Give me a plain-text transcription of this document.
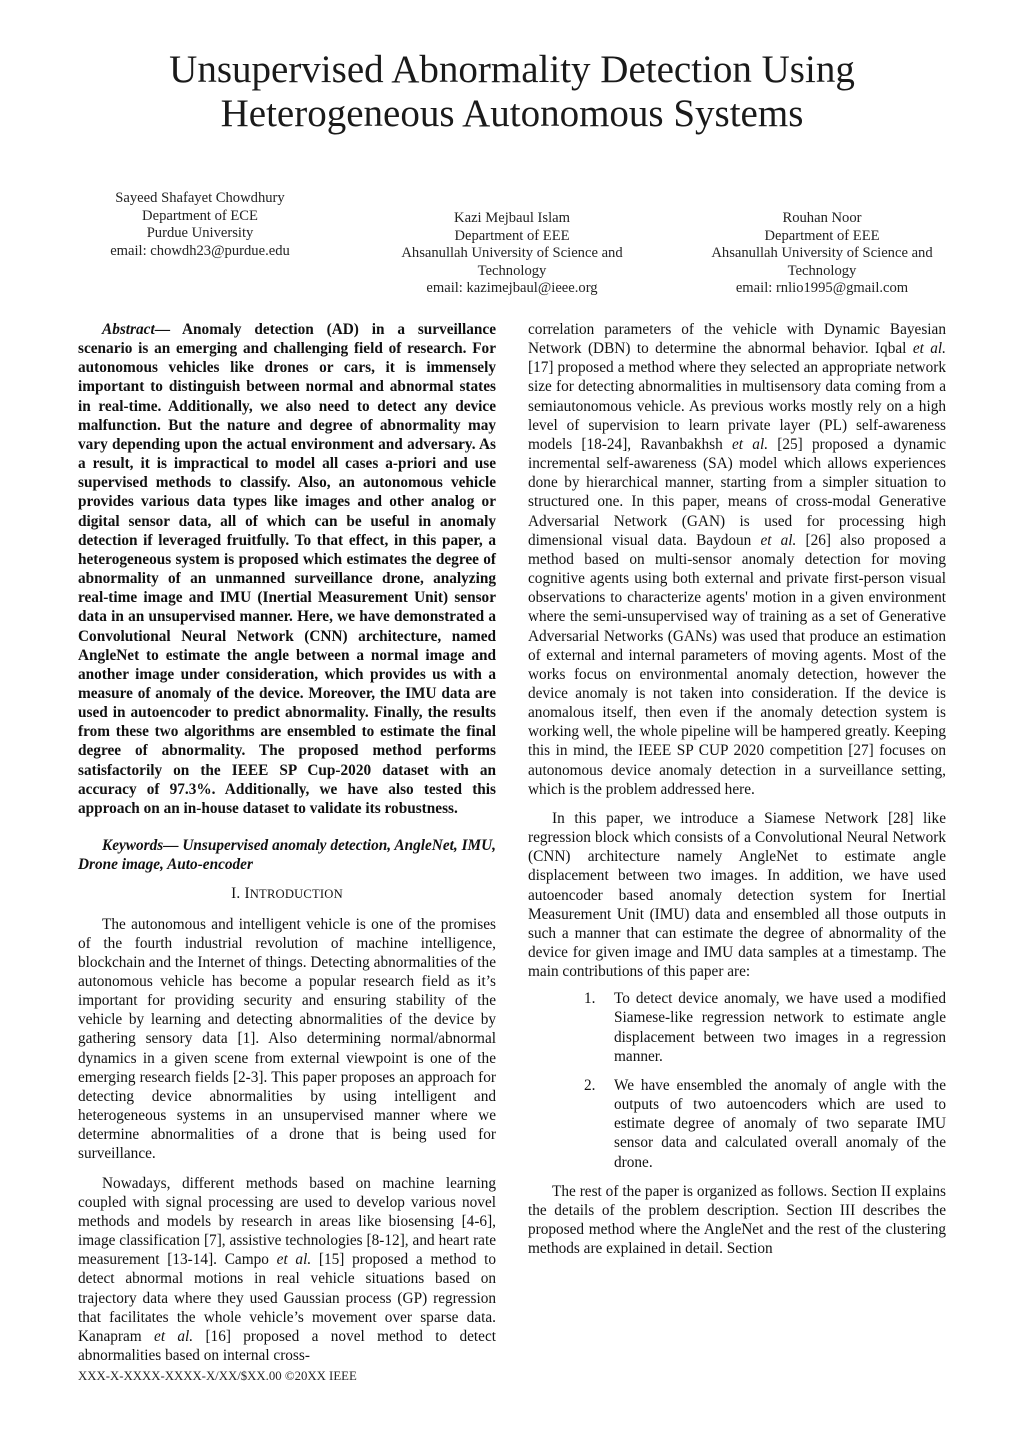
Unsupervised Abnormality Detection Using
Heterogeneous Autonomous Systems
Sayeed Shafayet Chowdhury
Department of ECE
Purdue University
email: chowdh23@purdue.edu
Kazi Mejbaul Islam
Department of EEE
Ahsanullah University of Science and
Technology
email: kazimejbaul@ieee.org
Rouhan Noor
Department of EEE
Ahsanullah University of Science and
Technology
email: rnlio1995@gmail.com

Abstract— Anomaly detection (AD) in a surveillance scenario is an emerging and challenging field of research. For autonomous vehicles like drones or cars, it is immensely important to distinguish between normal and abnormal states in real-time. Additionally, we also need to detect any device malfunction. But the nature and degree of abnormality may vary depending upon the actual environment and adversary. As a result, it is impractical to model all cases a-priori and use supervised methods to classify. Also, an autonomous vehicle provides various data types like images and other analog or digital sensor data, all of which can be useful in anomaly detection if leveraged fruitfully. To that effect, in this paper, a heterogeneous system is proposed which estimates the degree of abnormality of an unmanned surveillance drone, analyzing real-time image and IMU (Inertial Measurement Unit) sensor data in an unsupervised manner. Here, we have demonstrated a Convolutional Neural Network (CNN) architecture, named AngleNet to estimate the angle between a normal image and another image under consideration, which provides us with a measure of anomaly of the device. Moreover, the IMU data are used in autoencoder to predict abnormality. Finally, the results from these two algorithms are ensembled to estimate the final degree of abnormality. The proposed method performs satisfactorily on the IEEE SP Cup-2020 dataset with an accuracy of 97.3%. Additionally, we have also tested this approach on an in-house dataset to validate its robustness.

Keywords— Unsupervised anomaly detection, AngleNet, IMU, Drone image, Auto-encoder

I. INTRODUCTION

The autonomous and intelligent vehicle is one of the promises of the fourth industrial revolution of machine intelligence, blockchain and the Internet of things. Detecting abnormalities of the autonomous vehicle has become a popular research field as it’s important for providing security and ensuring stability of the vehicle by learning and detecting abnormalities of the device by gathering sensory data [1]. Also determining normal/abnormal dynamics in a given scene from external viewpoint is one of the emerging research fields [2-3]. This paper proposes an approach for detecting device abnormalities by using intelligent and heterogeneous systems in an unsupervised manner where we determine abnormalities of a drone that is being used for surveillance.

Nowadays, different methods based on machine learning coupled with signal processing are used to develop various novel methods and models by research in areas like biosensing [4-6], image classification [7], assistive technologies [8-12], and heart rate measurement [13-14]. Campo et al. [15] proposed a method to detect abnormal motions in real vehicle situations based on trajectory data where they used Gaussian process (GP) regression that facilitates the whole vehicle’s movement over sparse data. Kanapram et al. [16] proposed a novel method to detect abnormalities based on internal cross-

correlation parameters of the vehicle with Dynamic Bayesian Network (DBN) to determine the abnormal behavior. Iqbal et al. [17] proposed a method where they selected an appropriate network size for detecting abnormalities in multisensory data coming from a semiautonomous vehicle. As previous works mostly rely on a high level of supervision to learn private layer (PL) self-awareness models [18-24], Ravanbakhsh et al. [25] proposed a dynamic incremental self-awareness (SA) model which allows experiences done by hierarchical manner, starting from a simpler situation to structured one. In this paper, means of cross-modal Generative Adversarial Network (GAN) is used for processing high dimensional visual data. Baydoun et al. [26] also proposed a method based on multi-sensor anomaly detection for moving cognitive agents using both external and private first-person visual observations to characterize agents' motion in a given environment where the semi-unsupervised way of training as a set of Generative Adversarial Networks (GANs) was used that produce an estimation of external and internal parameters of moving agents. Most of the works focus on environmental anomaly detection, however the device anomaly is not taken into consideration. If the device is anomalous itself, then even if the anomaly detection system is working well, the whole pipeline will be hampered greatly. Keeping this in mind, the IEEE SP CUP 2020 competition [27] focuses on autonomous device anomaly detection in a surveillance setting, which is the problem addressed here.

In this paper, we introduce a Siamese Network [28] like regression block which consists of a Convolutional Neural Network (CNN) architecture namely AngleNet to estimate angle displacement between two images. In addition, we have used autoencoder based anomaly detection system for Inertial Measurement Unit (IMU) data and ensembled all those outputs in such a manner that can estimate the degree of abnormality of the device for given image and IMU data samples at a timestamp. The main contributions of this paper are:

1. To detect device anomaly, we have used a modified Siamese-like regression network to estimate angle displacement between two images in a regression manner.
2. We have ensembled the anomaly of angle with the outputs of two autoencoders which are used to estimate degree of anomaly of two separate IMU sensor data and calculated overall anomaly of the drone.

The rest of the paper is organized as follows. Section II explains the details of the problem description. Section III describes the proposed method where the AngleNet and the rest of the clustering methods are explained in detail. Section

XXX-X-XXXX-XXXX-X/XX/$XX.00 ©20XX IEEE
